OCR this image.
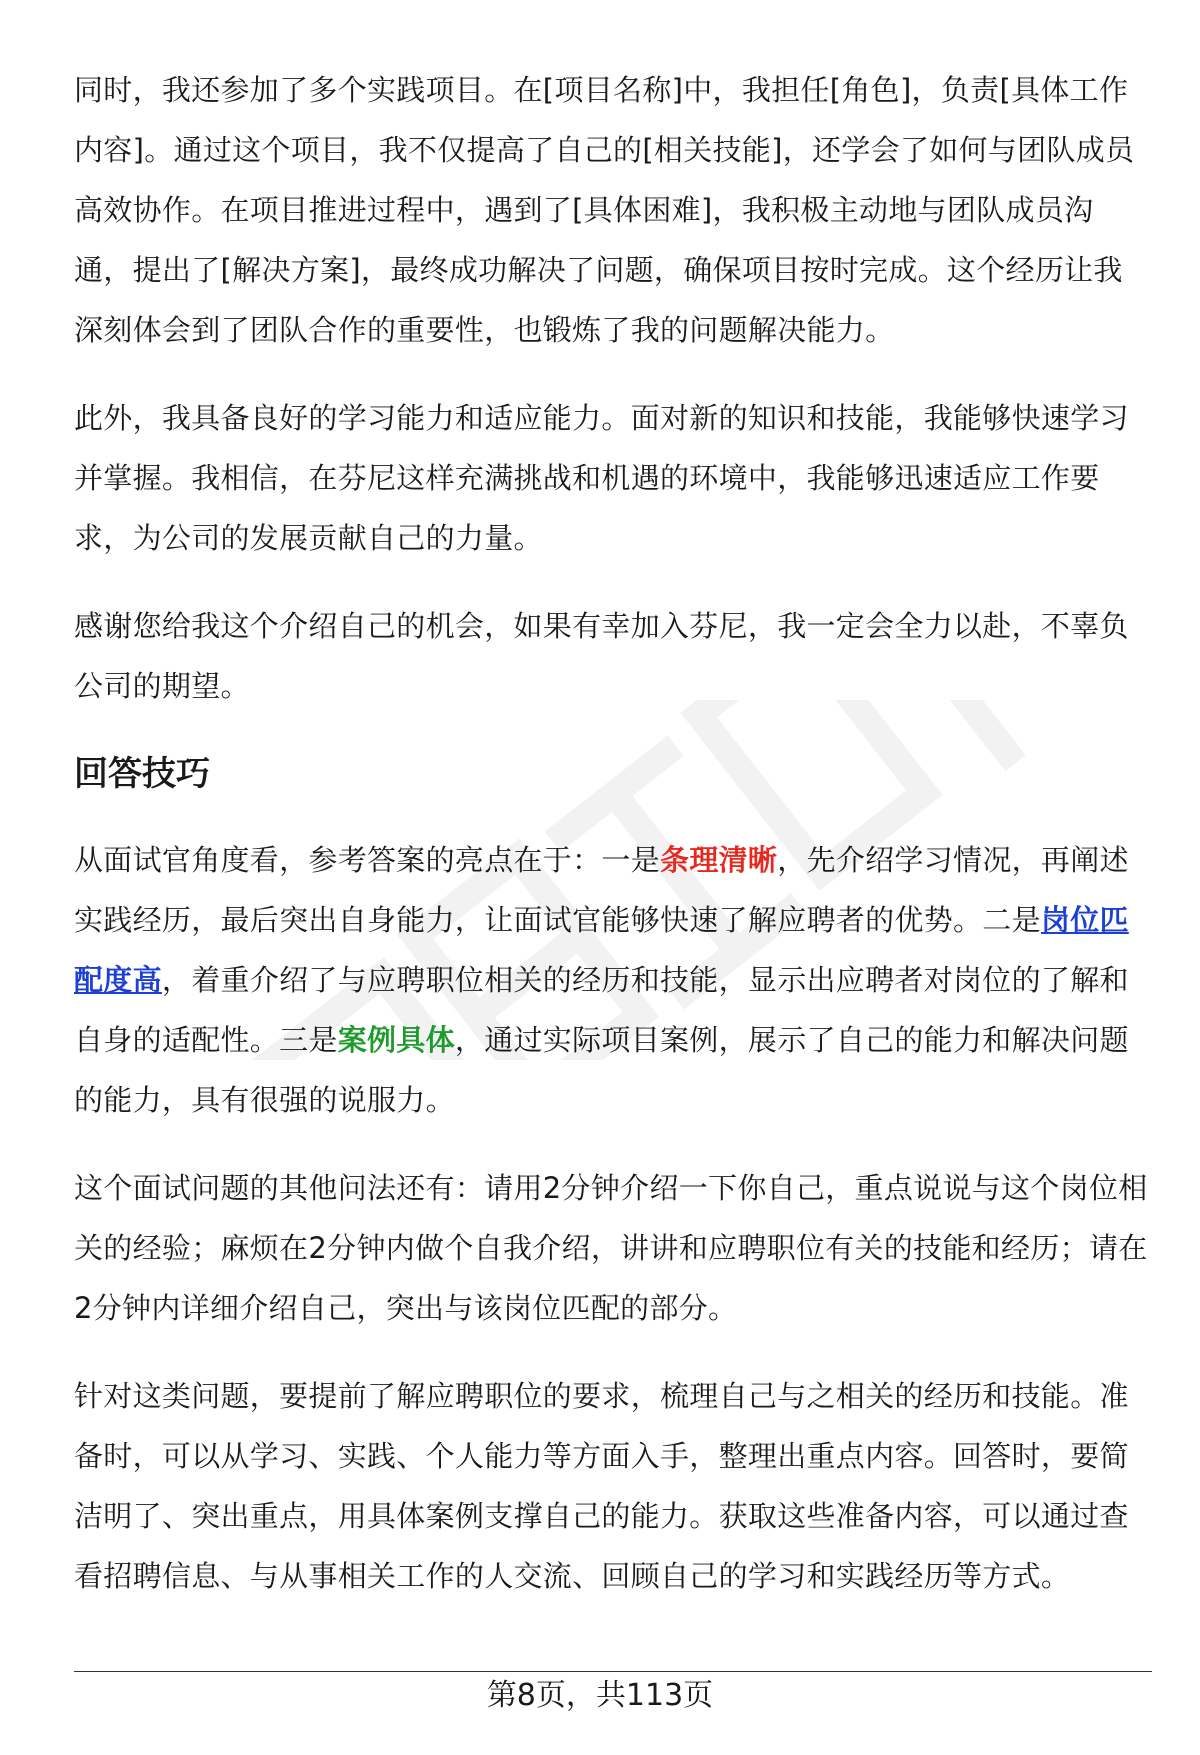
同时，我还参加了多个实践项目。在[项目名称]中，我担任[角色]，负责[具体工作内容]。通过这个项目，我不仅提高了自己的[相关技能]，还学会了如何与团队成员高效协作。在项目推进过程中，遇到了[具体困难]，我积极主动地与团队成员沟通，提出了[解决方案]，最终成功解决了问题，确保项目按时完成。这个经历让我深刻体会到了团队合作的重要性，也锻炼了我的问题解决能力。

此外，我具备良好的学习能力和适应能力。面对新的知识和技能，我能够快速学习并掌握。我相信，在芬尼这样充满挑战和机遇的环境中，我能够迅速适应工作要求，为公司的发展贡献自己的力量。

感谢您给我这个介绍自己的机会，如果有幸加入芬尼，我一定会全力以赴，不辜负公司的期望。

回答技巧

从面试官角度看，参考答案的亮点在于：一是条理清晰，先介绍学习情况，再阐述实践经历，最后突出自身能力，让面试官能够快速了解应聘者的优势。二是岗位匹配度高，着重介绍了与应聘职位相关的经历和技能，显示出应聘者对岗位的了解和自身的适配性。三是案例具体，通过实际项目案例，展示了自己的能力和解决问题的能力，具有很强的说服力。

这个面试问题的其他问法还有：请用2分钟介绍一下你自己，重点说说与这个岗位相关的经验；麻烦在2分钟内做个自我介绍，讲讲和应聘职位有关的技能和经历；请在2分钟内详细介绍自己，突出与该岗位匹配的部分。

针对这类问题，要提前了解应聘职位的要求，梳理自己与之相关的经历和技能。准备时，可以从学习、实践、个人能力等方面入手，整理出重点内容。回答时，要简洁明了、突出重点，用具体案例支撑自己的能力。获取这些准备内容，可以通过查看招聘信息、与从事相关工作的人交流、回顾自己的学习和实践经历等方式。

第8页，共113页
